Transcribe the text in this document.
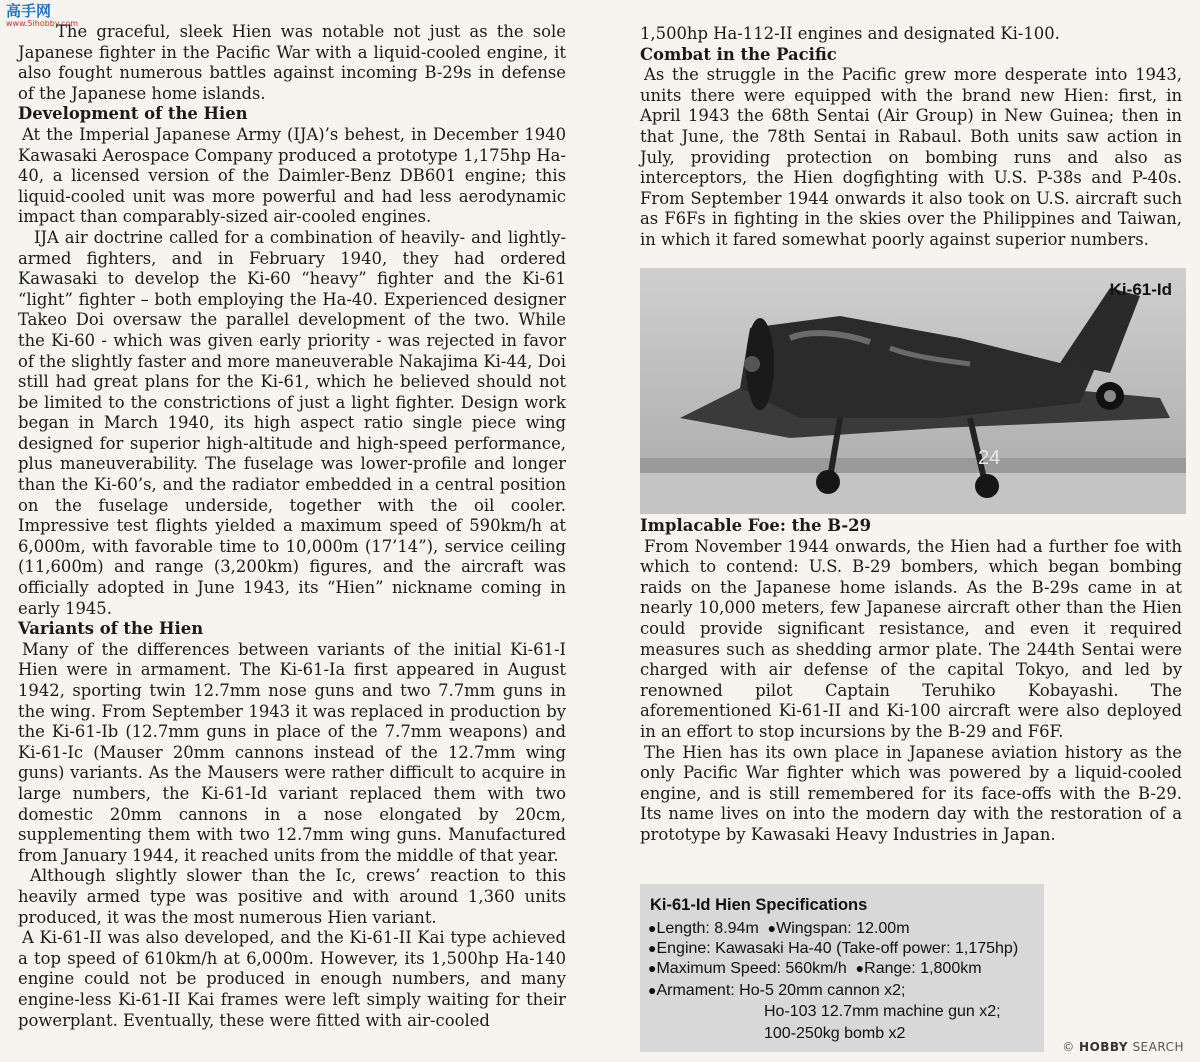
高手网
www.5ihobby.com

The graceful, sleek Hien was notable not just as the sole Japanese fighter in the Pacific War with a liquid-cooled engine, it also fought numerous battles against incoming B-29s in defense of the Japanese home islands.

Development of the Hien

At the Imperial Japanese Army (IJA)’s behest, in December 1940 Kawasaki Aerospace Company produced a prototype 1,175hp Ha-40, a licensed version of the Daimler-Benz DB601 engine; this liquid-cooled unit was more powerful and had less aerodynamic impact than comparably-sized air-cooled engines.

IJA air doctrine called for a combination of heavily- and lightly-armed fighters, and in February 1940, they had ordered Kawasaki to develop the Ki-60 “heavy” fighter and the Ki-61 “light” fighter – both employing the Ha-40. Experienced designer Takeo Doi oversaw the parallel development of the two. While the Ki-60 - which was given early priority - was rejected in favor of the slightly faster and more maneuverable Nakajima Ki-44, Doi still had great plans for the Ki-61, which he believed should not be limited to the constrictions of just a light fighter. Design work began in March 1940, its high aspect ratio single piece wing designed for superior high-altitude and high-speed performance, plus maneuverability. The fuselage was lower-profile and longer than the Ki-60’s, and the radiator embedded in a central position on the fuselage underside, together with the oil cooler. Impressive test flights yielded a maximum speed of 590km/h at 6,000m, with favorable time to 10,000m (17’14”), service ceiling (11,600m) and range (3,200km) figures, and the aircraft was officially adopted in June 1943, its “Hien” nickname coming in early 1945.

Variants of the Hien

Many of the differences between variants of the initial Ki-61-I Hien were in armament. The Ki-61-Ia first appeared in August 1942, sporting twin 12.7mm nose guns and two 7.7mm guns in the wing. From September 1943 it was replaced in production by the Ki-61-Ib (12.7mm guns in place of the 7.7mm weapons) and Ki-61-Ic (Mauser 20mm cannons instead of the 12.7mm wing guns) variants. As the Mausers were rather difficult to acquire in large numbers, the Ki-61-Id variant replaced them with two domestic 20mm cannons in a nose elongated by 20cm, supplementing them with two 12.7mm wing guns. Manufactured from January 1944, it reached units from the middle of that year.

Although slightly slower than the Ic, crews’ reaction to this heavily armed type was positive and with around 1,360 units produced, it was the most numerous Hien variant.

A Ki-61-II was also developed, and the Ki-61-II Kai type achieved a top speed of 610km/h at 6,000m. However, its 1,500hp Ha-140 engine could not be produced in enough numbers, and many engine-less Ki-61-II Kai frames were left simply waiting for their powerplant. Eventually, these were fitted with air-cooled

1,500hp Ha-112-II engines and designated Ki-100.

Combat in the Pacific

As the struggle in the Pacific grew more desperate into 1943, units there were equipped with the brand new Hien: first, in April 1943 the 68th Sentai (Air Group) in New Guinea; then in that June, the 78th Sentai in Rabaul. Both units saw action in July, providing protection on bombing runs and also as interceptors, the Hien dogfighting with U.S. P-38s and P-40s. From September 1944 onwards it also took on U.S. aircraft such as F6Fs in fighting in the skies over the Philippines and Taiwan, in which it fared somewhat poorly against superior numbers.

24
Ki-61-Id
Implacable Foe: the B-29

From November 1944 onwards, the Hien had a further foe with which to contend: U.S. B-29 bombers, which began bombing raids on the Japanese home islands. As the B-29s came in at nearly 10,000 meters, few Japanese aircraft other than the Hien could provide significant resistance, and even it required measures such as shedding armor plate. The 244th Sentai were charged with air defense of the capital Tokyo, and led by renowned pilot Captain Teruhiko Kobayashi. The aforementioned Ki-61-II and Ki-100 aircraft were also deployed in an effort to stop incursions by the B-29 and F6F.

The Hien has its own place in Japanese aviation history as the only Pacific War fighter which was powered by a liquid-cooled engine, and is still remembered for its face-offs with the B-29. Its name lives on into the modern day with the restoration of a prototype by Kawasaki Heavy Industries in Japan.

Ki-61-Id Hien Specifications
●Length: 8.94m ●Wingspan: 12.00m
●Engine: Kawasaki Ha-40 (Take-off power: 1,175hp)
●Maximum Speed: 560km/h ●Range: 1,800km
●Armament: Ho-5 20mm cannon x2;
Ho-103 12.7mm machine gun x2;
100-250kg bomb x2
© HOBBY SEARCH
